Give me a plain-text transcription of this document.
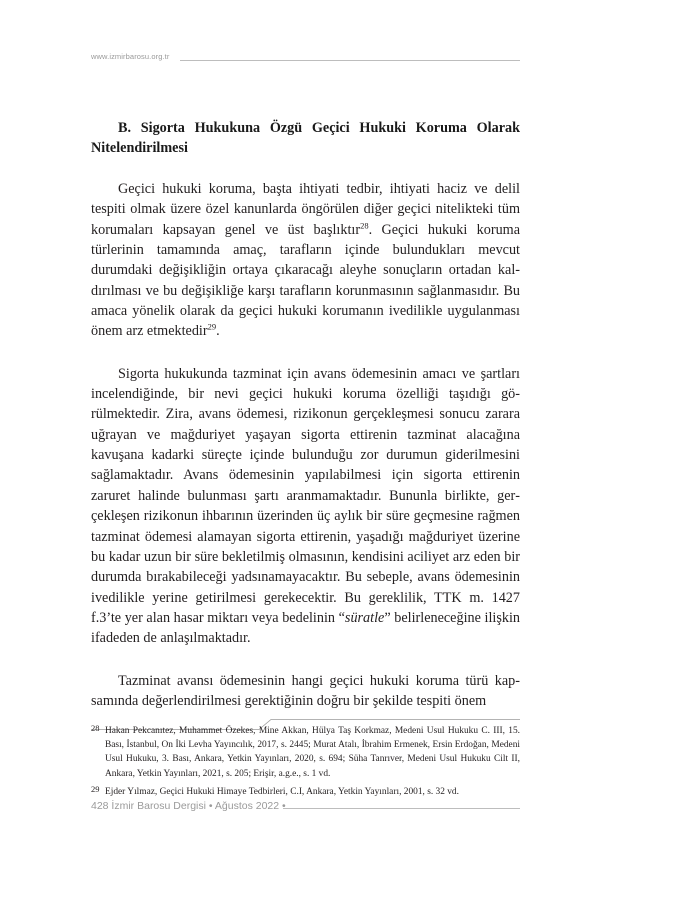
www.izmirbarosu.org.tr

B. Sigorta Hukukuna Özgü Geçici Hukuki Koruma Olarak Nitelendirilmesi

Geçici hukuki koruma, başta ihtiyati tedbir, ihtiyati haciz ve delil tespiti olmak üzere özel kanunlarda öngörülen diğer geçici nitelikteki tüm korumaları kapsayan genel ve üst başlıktır$^{28}$. Geçici hukuki koruma türlerinin tamamında amaç, tarafların içinde bulundukları mevcut durumdaki değişikliğin ortaya çıkaracağı aleyhe sonuçların ortadan kaldırılması ve bu değişikliğe karşı tarafların korunmasının sağlanmasıdır. Bu amaca yönelik olarak da geçici hukuki korumanın ivedilikle uygulanması önem arz etmektedir$^{29}$.

Sigorta hukukunda tazminat için avans ödemesinin amacı ve şartları incelendiğinde, bir nevi geçici hukuki koruma özelliği taşıdığı görülmektedir. Zira, avans ödemesi, rizikonun gerçekleşmesi sonucu zarara uğrayan ve mağduriyet yaşayan sigorta ettirenin tazminat alacağına kavuşana kadarki süreçte içinde bulunduğu zor durumun giderilmesini sağlamaktadır. Avans ödemesinin yapılabilmesi için sigorta ettirenin zaruret halinde bulunması şartı aranmamaktadır. Bununla birlikte, gerçekleşen rizikonun ihbarının üzerinden üç aylık bir süre geçmesine rağmen tazminat ödemesi alamayan sigorta ettirenin, yaşadığı mağduriyet üzerine bu kadar uzun bir süre bekletilmiş olmasının, kendisini aciliyet arz eden bir durumda bırakabileceği yadsınamayacaktır. Bu sebeple, avans ödemesinin ivedilikle yerine getirilmesi gerekecektir. Bu gereklilik, TTK m. 1427 f.3’te yer alan hasar miktarı veya bedelinin “süratle” belirleneceğine ilişkin ifadeden de anlaşılmaktadır.

Tazminat avansı ödemesinin hangi geçici hukuki koruma türü kapsamında değerlendirilmesi gerektiğinin doğru bir şekilde tespiti önem

28 Hakan Pekcanıtez, Muhammet Özekes, Mine Akkan, Hülya Taş Korkmaz, Medeni Usul Hukuku C. III, 15. Bası, İstanbul, On İki Levha Yayıncılık, 2017, s. 2445; Murat Atalı, İbrahim Ermenek, Ersin Erdoğan, Medeni Usul Hukuku, 3. Bası, Ankara, Yetkin Yayınları, 2020, s. 694; Süha Tanrıver, Medeni Usul Hukuku Cilt II, Ankara, Yetkin Yayınları, 2021, s. 205; Erişir, a.g.e., s. 1 vd.

29 Ejder Yılmaz, Geçici Hukuki Himaye Tedbirleri, C.I, Ankara, Yetkin Yayınları, 2001, s. 32 vd.

428 İzmir Barosu Dergisi • Ağustos 2022 •
